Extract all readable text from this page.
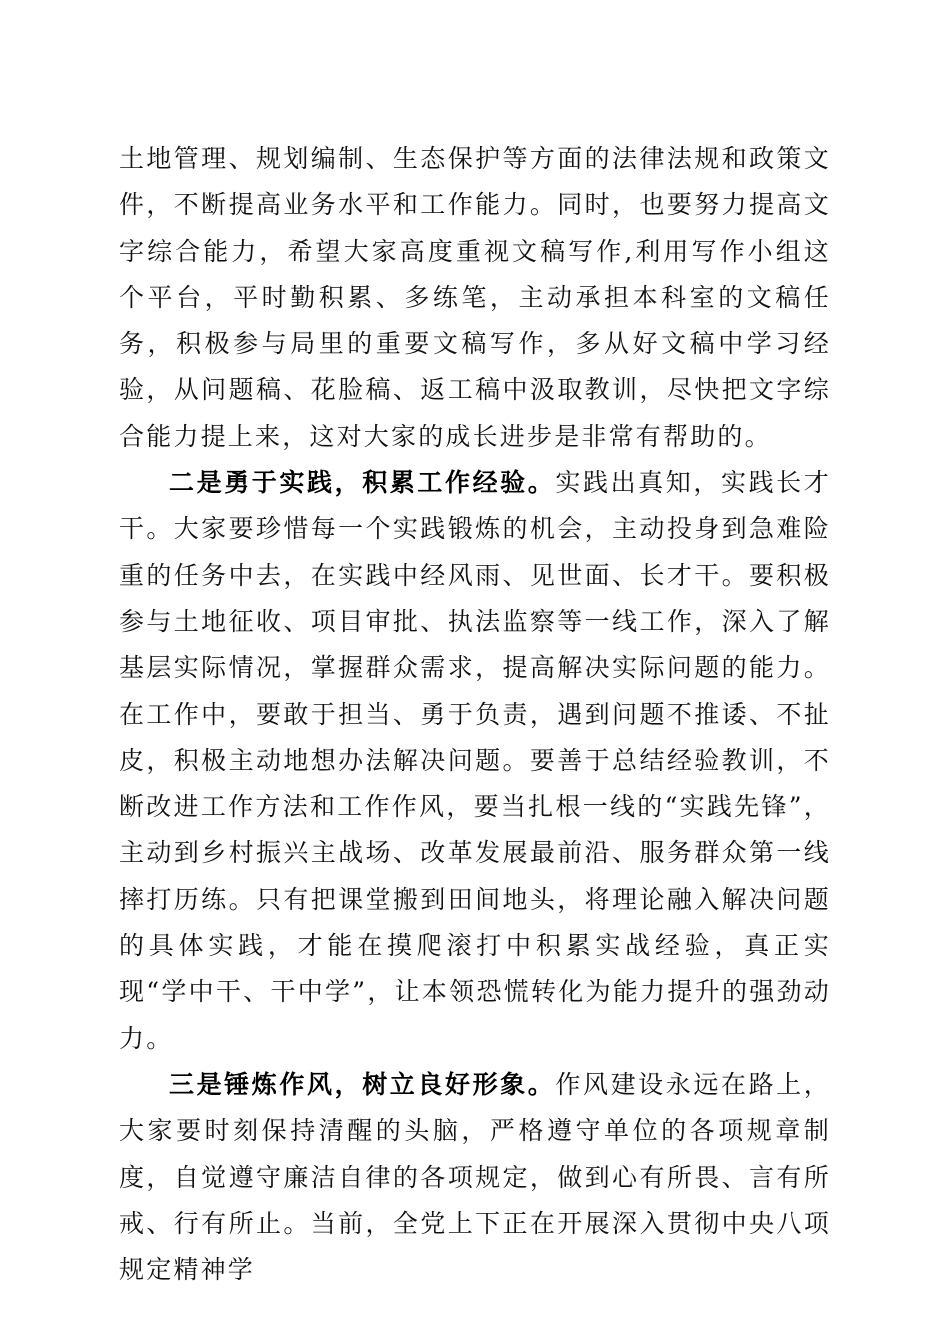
土地管理、规划编制、生态保护等方面的法律法规和政策文件，不断提高业务水平和工作能力。同时，也要努力提高文字综合能力，希望大家高度重视文稿写作,利用写作小组这个平台，平时勤积累、多练笔，主动承担本科室的文稿任务，积极参与局里的重要文稿写作，多从好文稿中学习经验，从问题稿、花脸稿、返工稿中汲取教训，尽快把文字综合能力提上来，这对大家的成长进步是非常有帮助的。

二是勇于实践，积累工作经验。实践出真知，实践长才干。大家要珍惜每一个实践锻炼的机会，主动投身到急难险重的任务中去，在实践中经风雨、见世面、长才干。要积极参与土地征收、项目审批、执法监察等一线工作，深入了解基层实际情况，掌握群众需求，提高解决实际问题的能力。在工作中，要敢于担当、勇于负责，遇到问题不推诿、不扯皮，积极主动地想办法解决问题。要善于总结经验教训，不断改进工作方法和工作作风，要当扎根一线的“实践先锋”，主动到乡村振兴主战场、改革发展最前沿、服务群众第一线摔打历练。只有把课堂搬到田间地头，将理论融入解决问题的具体实践，才能在摸爬滚打中积累实战经验，真正实现“学中干、干中学”，让本领恐慌转化为能力提升的强劲动力。

三是锤炼作风，树立良好形象。作风建设永远在路上，大家要时刻保持清醒的头脑，严格遵守单位的各项规章制度，自觉遵守廉洁自律的各项规定，做到心有所畏、言有所戒、行有所止。当前，全党上下正在开展深入贯彻中央八项规定精神学
